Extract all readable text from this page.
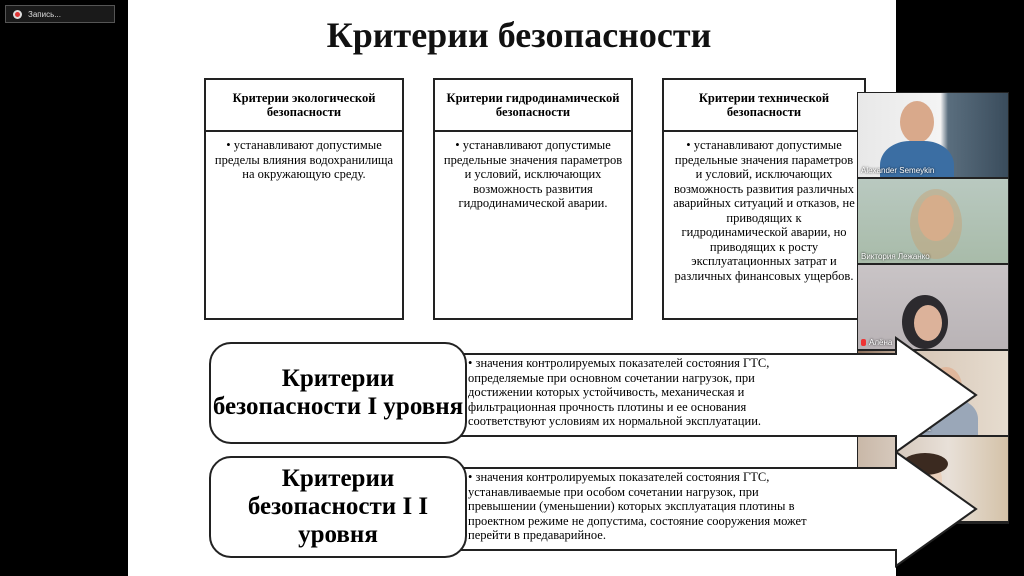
Запись...
Критерии безопасности
Критерии экологической безопасности
• устанавливают допустимые пределы влияния водохранилища на окружающую среду.
Критерии гидродинамической безопасности
• устанавливают допустимые предельные значения параметров и условий, исключающих возможность развития гидродинамической аварии.
Критерии технической безопасности
• устанавливают допустимые предельные значения параметров и условий, исключающих возможность развития различных аварийных ситуаций и отказов, не приводящих к гидродинамической аварии, но приводящих к росту эксплуатационных затрат и различных финансовых ущербов.
Критерии безопасности I уровня
• значения контролируемых показателей состояния ГТС, определяемые при основном сочетании нагрузок, при достижении которых устойчивость, механическая и фильтрационная прочность плотины и ее основания соответствуют условиям их нормальной эксплуатации.
Критерии безопасности I I уровня
• значения контролируемых показателей состояния ГТС, устанавливаемые при особом сочетании нагрузок, при превышении (уменьшении) которых эксплуатация плотины в проектном режиме не допустима, состояние сооружения может перейти в предаварийное.
Alexander Semeykin
Виктория Лежанко
Алёна
